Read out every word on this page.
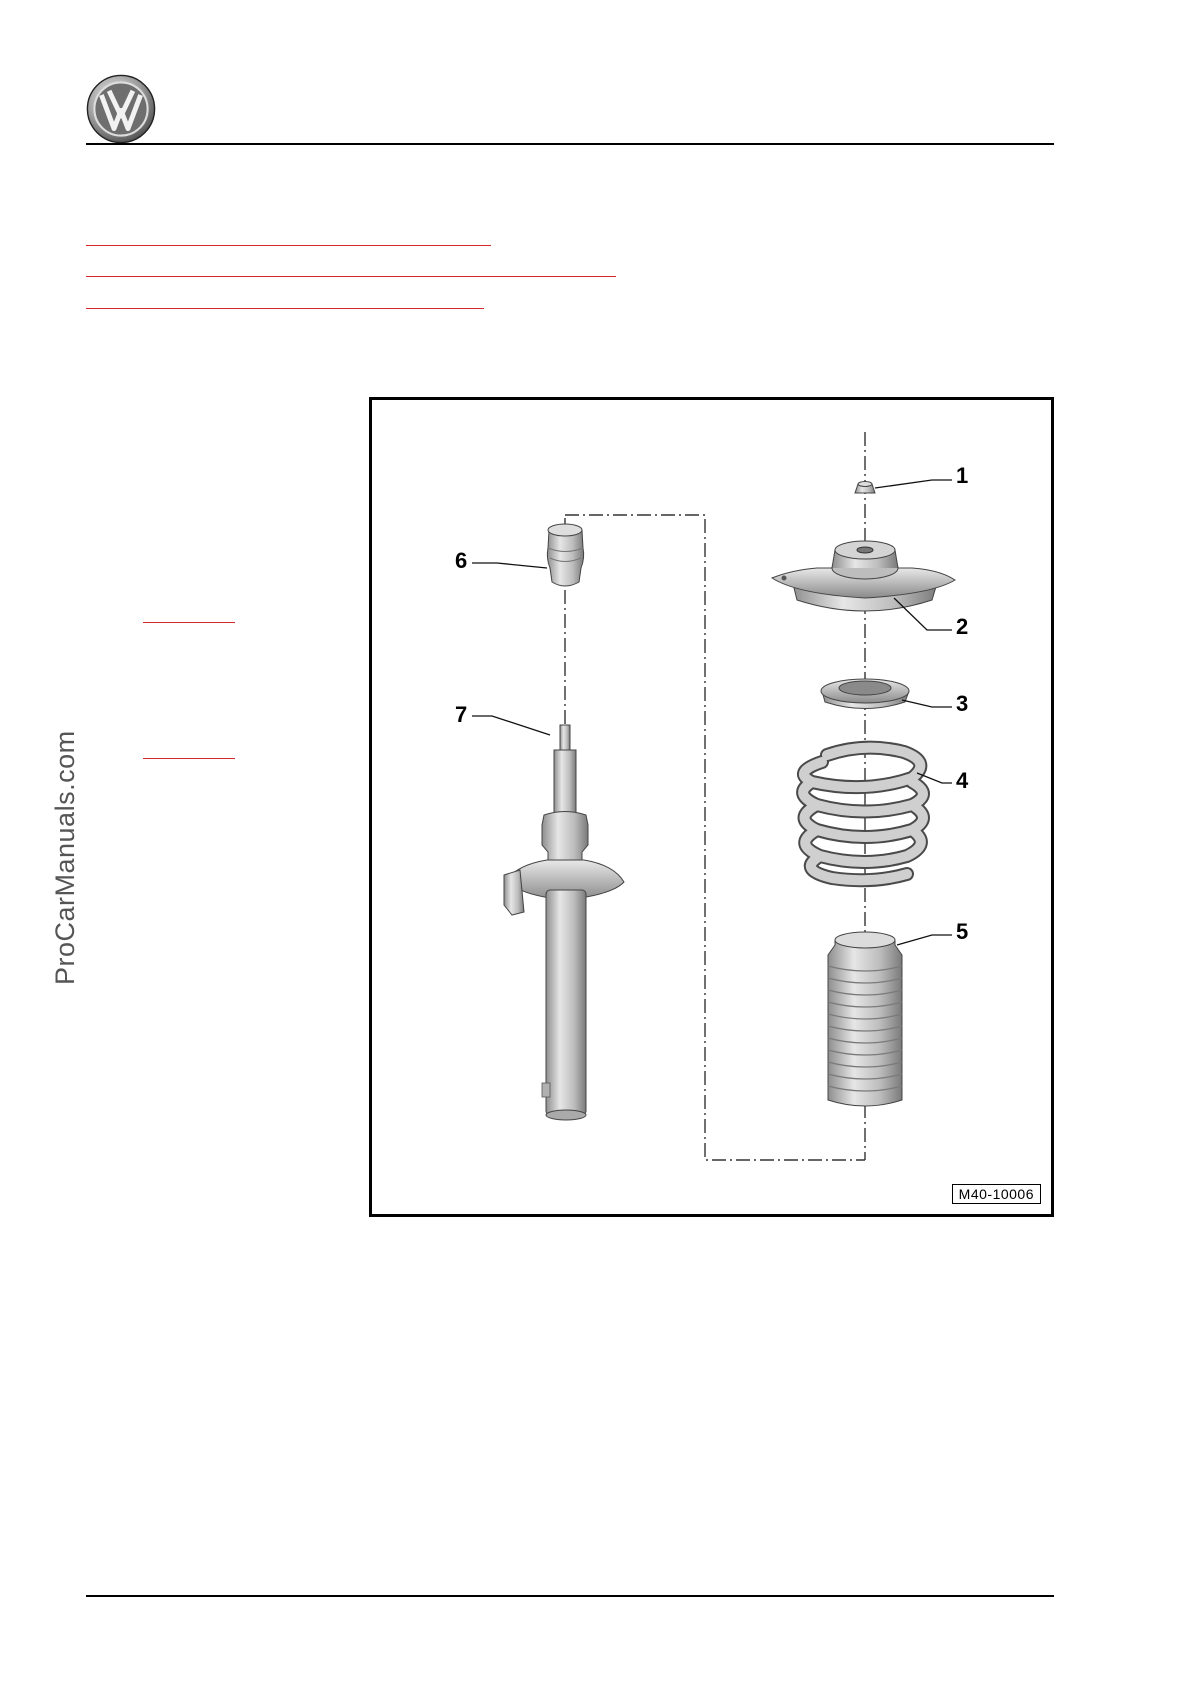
ProCarManuals.com
1
2
3
4
5
6
7
M40-10006
